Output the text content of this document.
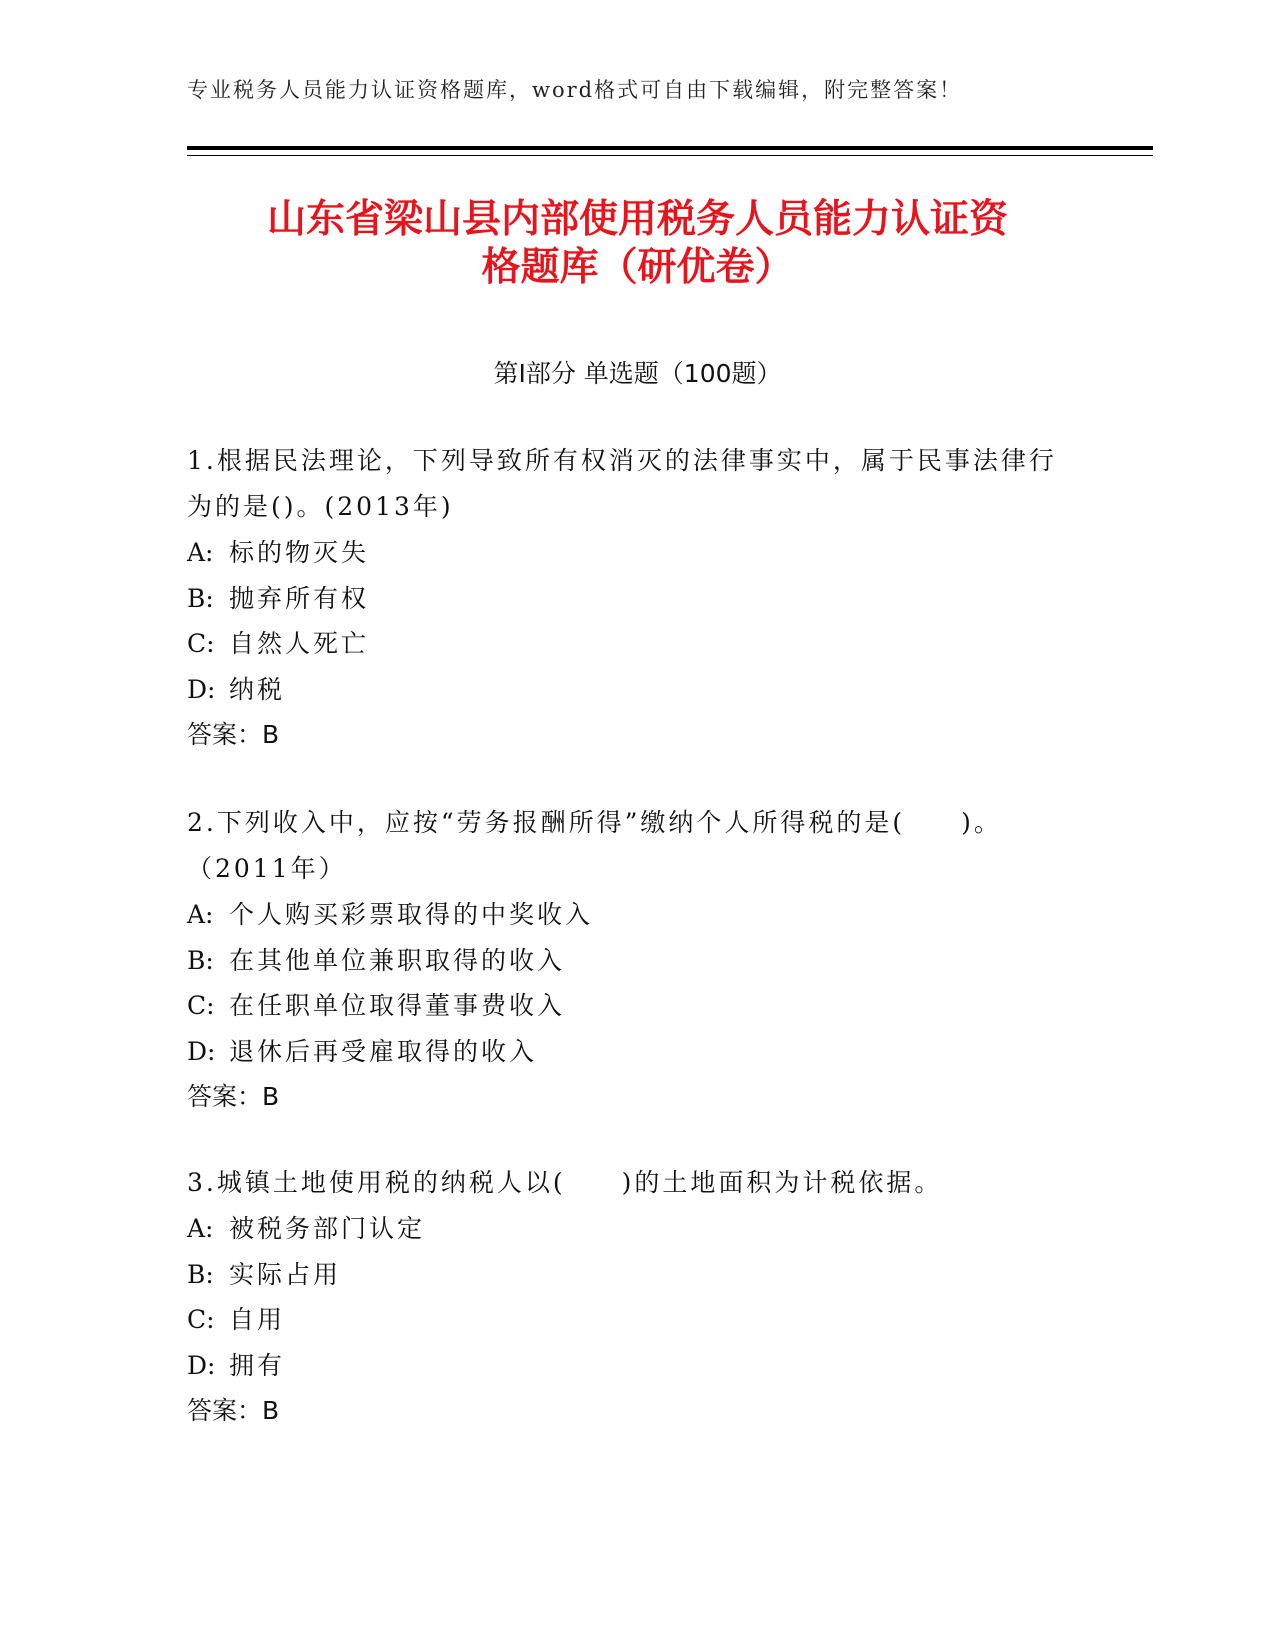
专业税务人员能力认证资格题库，word格式可自由下载编辑，附完整答案！
山东省梁山县内部使用税务人员能力认证资
格题库（研优卷）
第Ⅰ部分 单选题（100题）

1.根据民法理论，下列导致所有权消灭的法律事实中，属于民事法律行为的是()。(2013年)

A: 标的物灭失

B: 抛弃所有权

C: 自然人死亡

D: 纳税

答案：B

2.下列收入中，应按“劳务报酬所得”缴纳个人所得税的是(　　)。（2011年）

A: 个人购买彩票取得的中奖收入

B: 在其他单位兼职取得的收入

C: 在任职单位取得董事费收入

D: 退休后再受雇取得的收入

答案：B

3.城镇土地使用税的纳税人以(　　)的土地面积为计税依据。

A: 被税务部门认定

B: 实际占用

C: 自用

D: 拥有

答案：B
